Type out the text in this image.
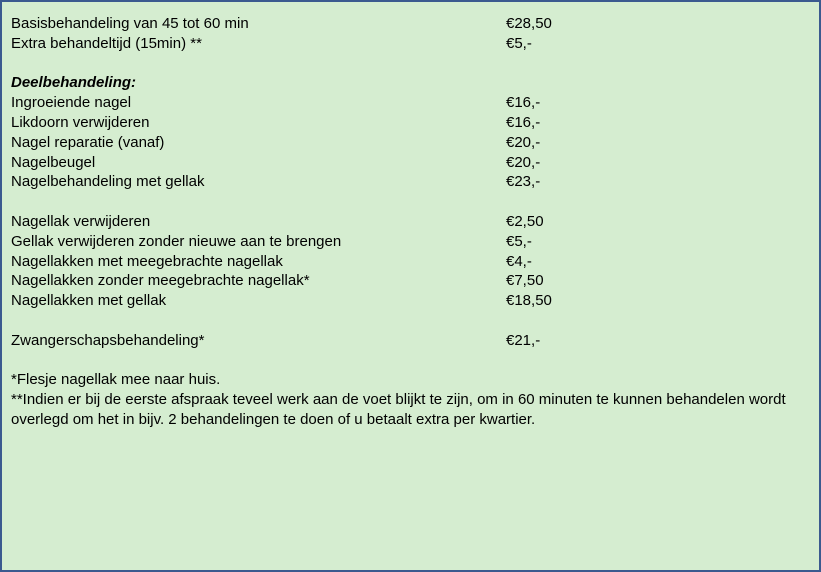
Basisbehandeling van 45 tot 60 min	€28,50
Extra behandeltijd (15min) **	€5,-
Deelbehandeling:
Ingroeiende nagel	€16,-
Likdoorn verwijderen	€16,-
Nagel reparatie (vanaf)	€20,-
Nagelbeugel	€20,-
Nagelbehandeling met gellak	€23,-
Nagellak verwijderen	€2,50
Gellak verwijderen zonder nieuwe aan te brengen	€5,-
Nagellakken met meegebrachte nagellak	€4,-
Nagellakken zonder meegebrachte nagellak*	€7,50
Nagellakken met gellak	€18,50
Zwangerschapsbehandeling*	€21,-

*Flesje nagellak mee naar huis.

**Indien er bij de eerste afspraak teveel werk aan de voet blijkt te zijn, om in 60 minuten te kunnen behandelen wordt overlegd om het in bijv. 2 behandelingen te doen of u betaalt extra per kwartier.
